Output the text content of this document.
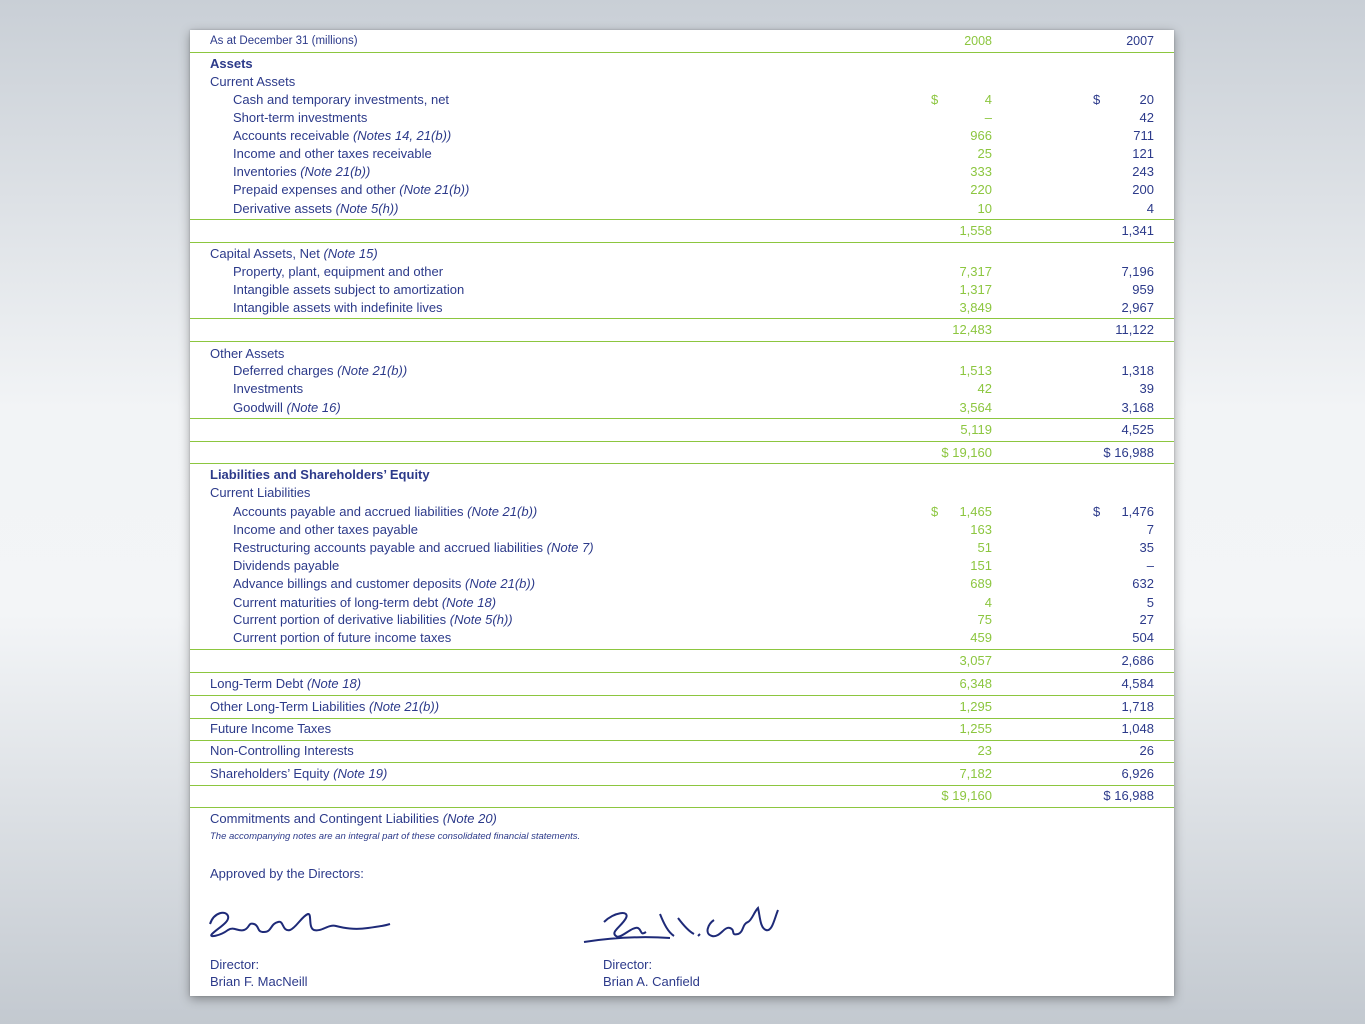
As at December 31 (millions)	2008	2007
Assets
Current Assets
Cash and temporary investments, net	$	4	$	20
Short-term investments	–	42
Accounts receivable (Notes 14, 21(b))	966	711
Income and other taxes receivable	25	121
Inventories (Note 21(b))	333	243
Prepaid expenses and other (Note 21(b))	220	200
Derivative assets (Note 5(h))	10	4
1,558	1,341
Capital Assets, Net (Note 15)
Property, plant, equipment and other	7,317	7,196
Intangible assets subject to amortization	1,317	959
Intangible assets with indefinite lives	3,849	2,967
12,483	11,122
Other Assets
Deferred charges (Note 21(b))	1,513	1,318
Investments	42	39
Goodwill (Note 16)	3,564	3,168
5,119	4,525
$ 19,160	$ 16,988
Liabilities and Shareholders’ Equity
Current Liabilities
Accounts payable and accrued liabilities (Note 21(b))	$ 1,465	$ 1,476
Income and other taxes payable	163	7
Restructuring accounts payable and accrued liabilities (Note 7)	51	35
Dividends payable	151	–
Advance billings and customer deposits (Note 21(b))	689	632
Current maturities of long-term debt (Note 18)	4	5
Current portion of derivative liabilities (Note 5(h))	75	27
Current portion of future income taxes	459	504
3,057	2,686
Long-Term Debt (Note 18)	6,348	4,584
Other Long-Term Liabilities (Note 21(b))	1,295	1,718
Future Income Taxes	1,255	1,048
Non-Controlling Interests	23	26
Shareholders’ Equity (Note 19)	7,182	6,926
$ 19,160	$ 16,988
Commitments and Contingent Liabilities (Note 20)
The accompanying notes are an integral part of these consolidated financial statements.
Approved by the Directors:
Director:
Brian F. MacNeill
Director:
Brian A. Canfield
